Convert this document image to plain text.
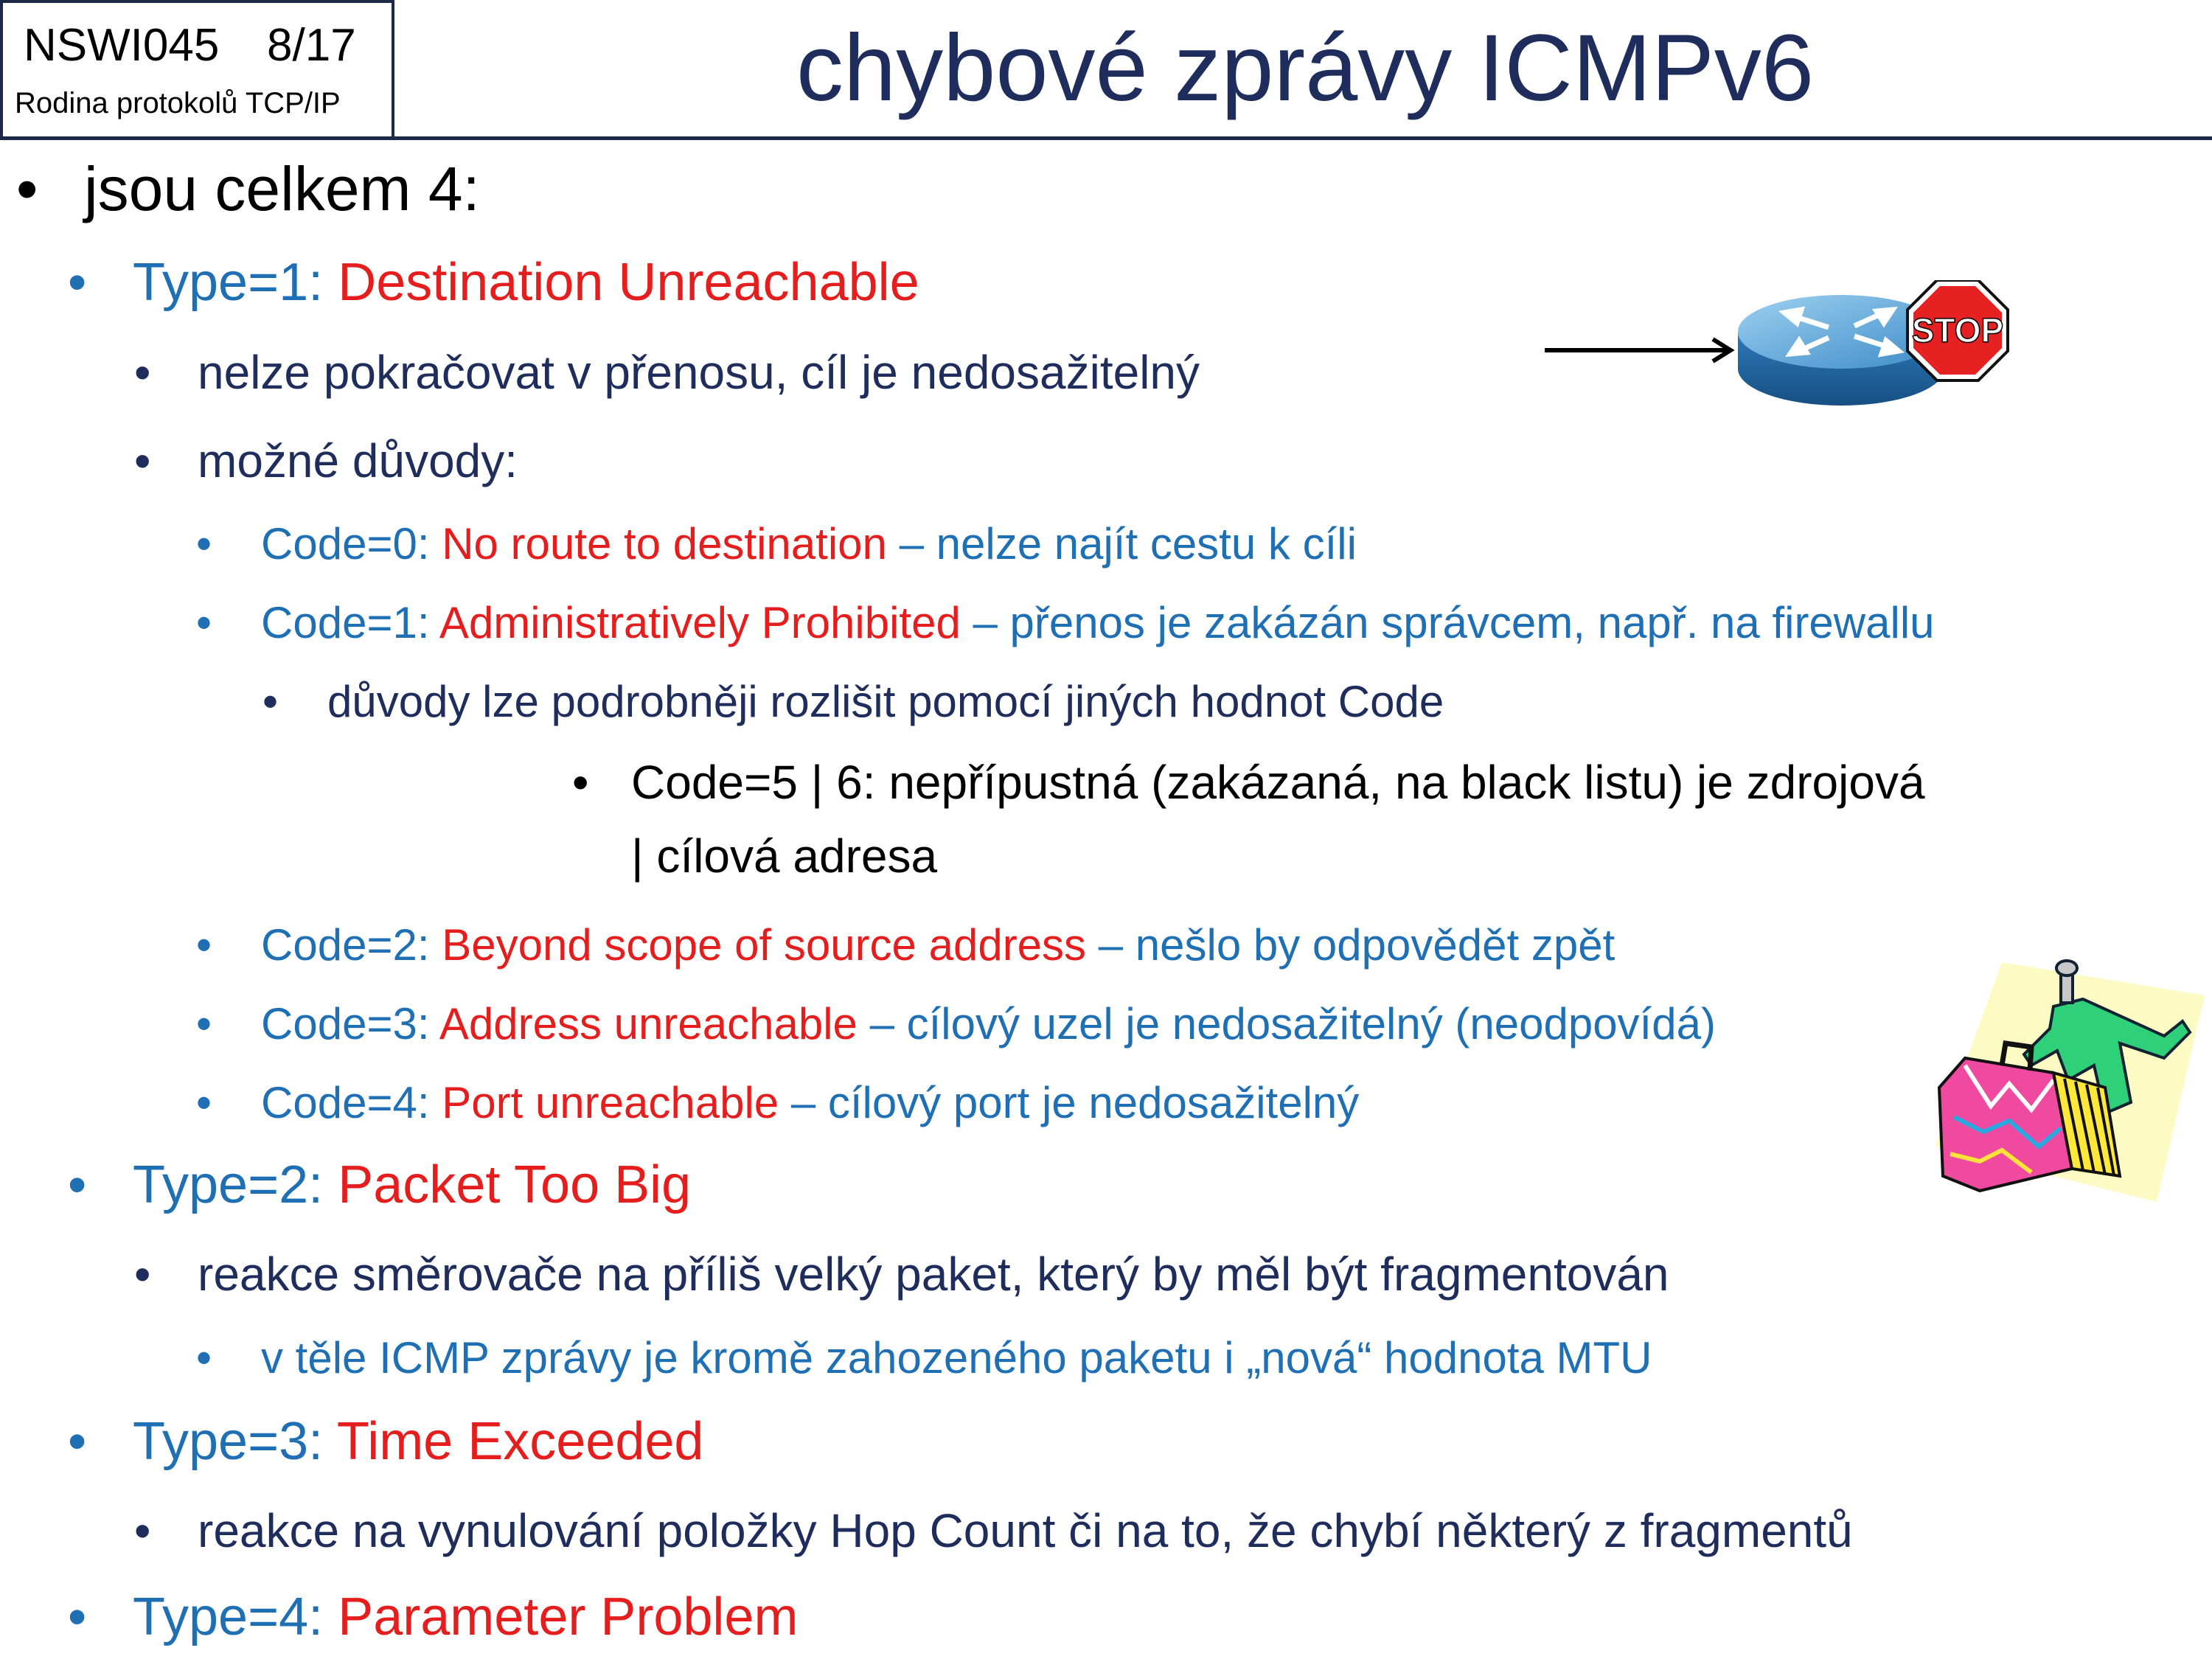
NSWI045 8/17
Rodina protokolů TCP/IP	chybové zprávy ICMPv6
• jsou celkem 4:
• Type=1: Destination Unreachable
• nelze pokračovat v přenosu, cíl je nedosažitelný
• možné důvody:
• Code=0: No route to destination – nelze najít cestu k cíli
• Code=1: Administratively Prohibited – přenos je zakázán správcem, např. na firewallu
• důvody lze podrobněji rozlišit pomocí jiných hodnot Code
• Code=5 | 6: nepřípustná (zakázaná, na black listu) je zdrojová
| cílová adresa
• Code=2: Beyond scope of source address – nešlo by odpovědět zpět
• Code=3: Address unreachable – cílový uzel je nedosažitelný (neodpovídá)
• Code=4: Port unreachable – cílový port je nedosažitelný
• Type=2: Packet Too Big
• reakce směrovače na příliš velký paket, který by měl být fragmentován
• v těle ICMP zprávy je kromě zahozeného paketu i „nová“ hodnota MTU
• Type=3: Time Exceeded
• reakce na vynulování položky Hop Count či na to, že chybí některý z fragmentů
• Type=4: Parameter Problem
STOP
